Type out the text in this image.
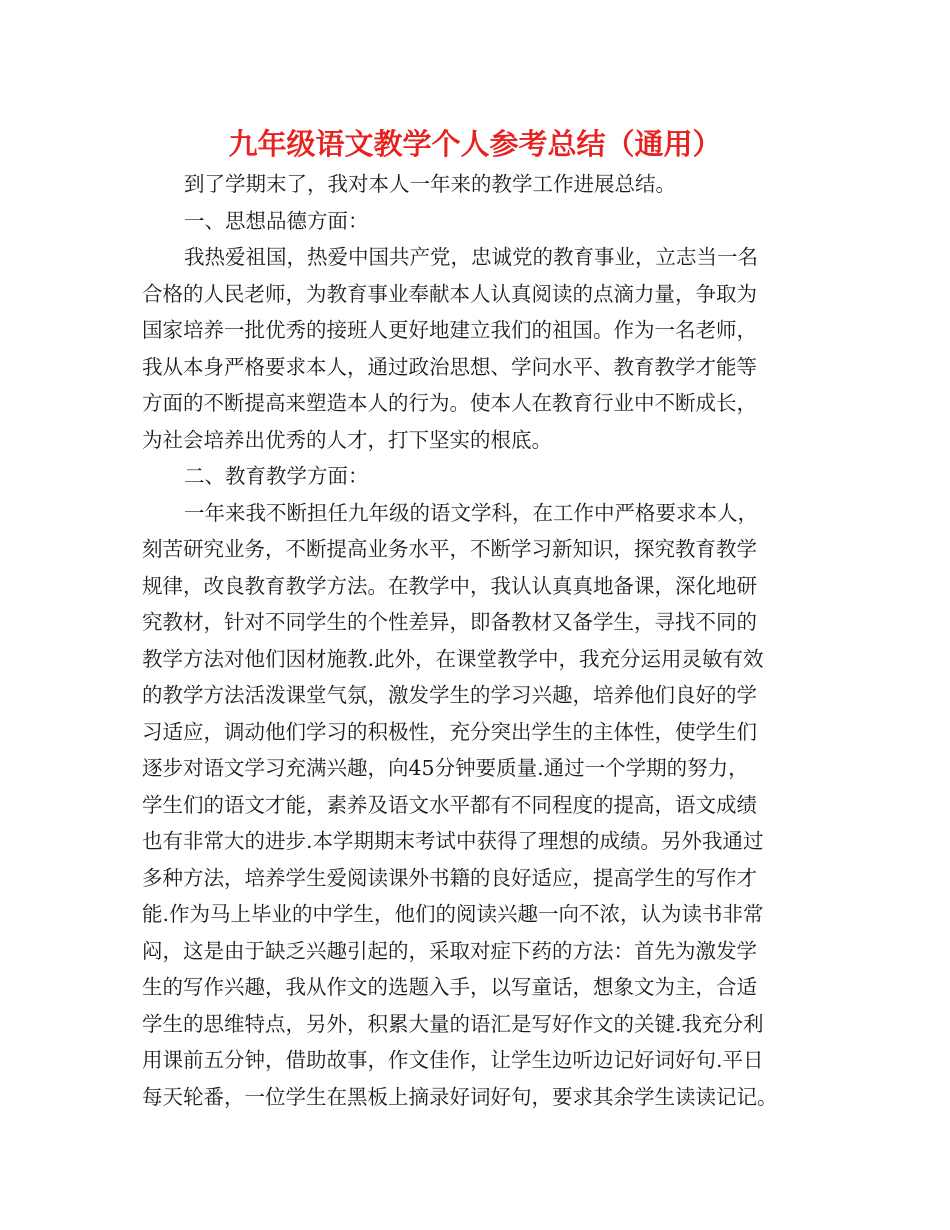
九年级语文教学个人参考总结（通用）
到了学期末了，我对本人一年来的教学工作进展总结。
一、思想品德方面：
我热爱祖国，热爱中国共产党，忠诚党的教育事业，立志当一名
合格的人民老师，为教育事业奉献本人认真阅读的点滴力量，争取为
国家培养一批优秀的接班人更好地建立我们的祖国。作为一名老师，
我从本身严格要求本人，通过政治思想、学问水平、教育教学才能等
方面的不断提高来塑造本人的行为。使本人在教育行业中不断成长，
为社会培养出优秀的人才，打下坚实的根底。
二、教育教学方面：
一年来我不断担任九年级的语文学科，在工作中严格要求本人，
刻苦研究业务，不断提高业务水平，不断学习新知识，探究教育教学
规律，改良教育教学方法。在教学中，我认认真真地备课，深化地研
究教材，针对不同学生的个性差异，即备教材又备学生，寻找不同的
教学方法对他们因材施教.此外，在课堂教学中，我充分运用灵敏有效
的教学方法活泼课堂气氛，激发学生的学习兴趣，培养他们良好的学
习适应，调动他们学习的积极性，充分突出学生的主体性，使学生们
逐步对语文学习充满兴趣，向45分钟要质量.通过一个学期的努力，
学生们的语文才能，素养及语文水平都有不同程度的提高，语文成绩
也有非常大的进步.本学期期末考试中获得了理想的成绩。另外我通过
多种方法，培养学生爱阅读课外书籍的良好适应，提高学生的写作才
能.作为马上毕业的中学生，他们的阅读兴趣一向不浓，认为读书非常
闷，这是由于缺乏兴趣引起的，采取对症下药的方法：首先为激发学
生的写作兴趣，我从作文的选题入手，以写童话，想象文为主，合适
学生的思维特点，另外，积累大量的语汇是写好作文的关键.我充分利
用课前五分钟，借助故事，作文佳作，让学生边听边记好词好句.平日
每天轮番，一位学生在黑板上摘录好词好句，要求其余学生读读记记。
